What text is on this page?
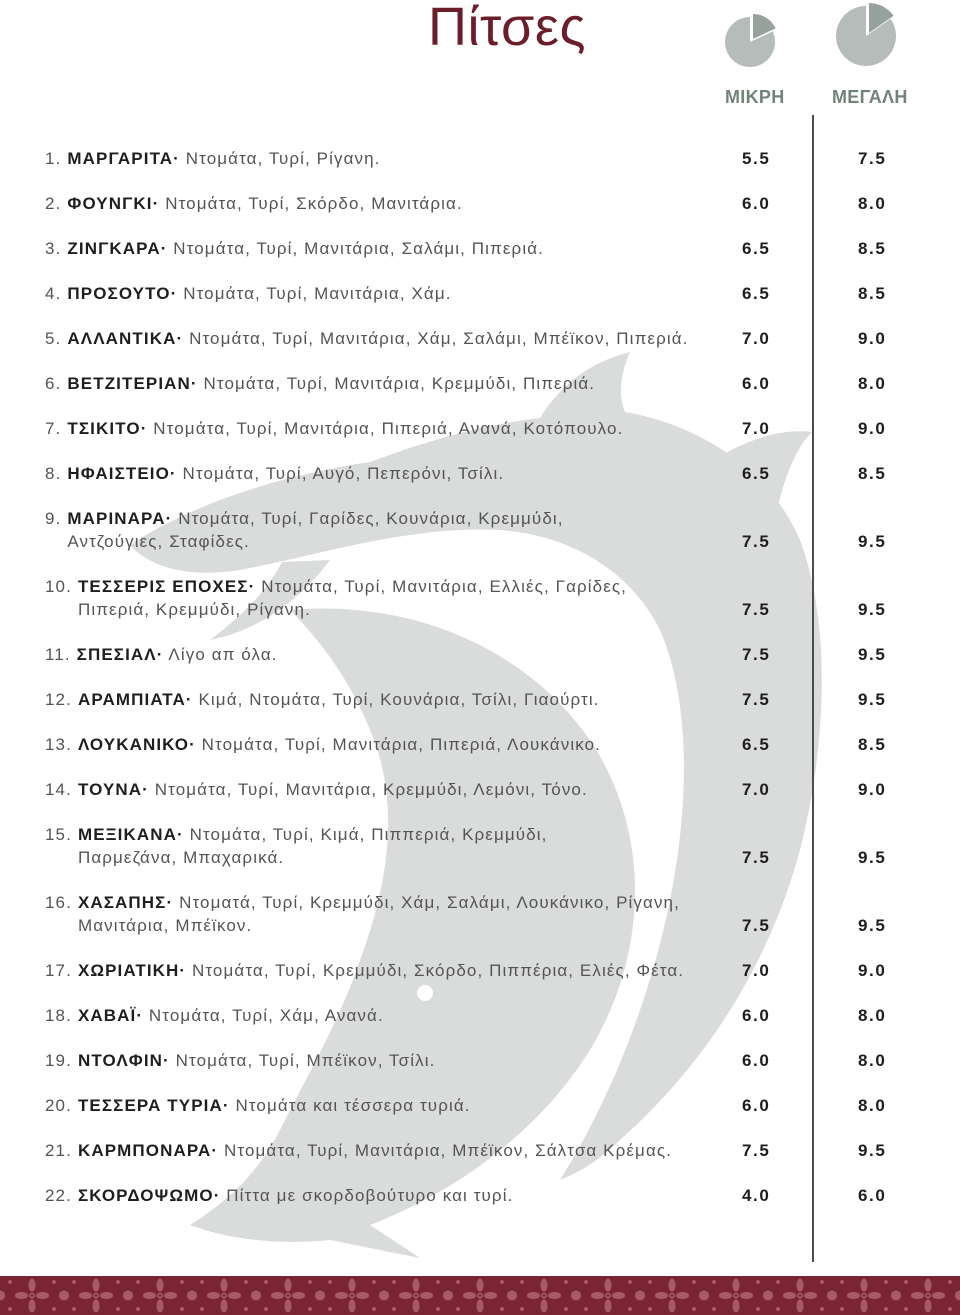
Πίτσες
ΜΙΚΡΗ	ΜΕΓΑΛΗ
1. ΜΑΡΓΑΡΙΤΑ· Ντομάτα, Τυρί, Ρίγανη.	5.5	7.5
2. ΦΟΥΝΓΚΙ· Ντομάτα, Τυρί, Σκόρδο, Μανιτάρια.	6.0	8.0
3. ΖΙΝΓΚΑΡΑ· Ντομάτα, Τυρί, Μανιτάρια, Σαλάμι, Πιπεριά.	6.5	8.5
4. ΠΡΟΣΟΥΤΟ· Ντομάτα, Τυρί, Μανιτάρια, Χάμ.	6.5	8.5
5. ΑΛΛΑΝΤΙΚΑ· Ντομάτα, Τυρί, Μανιτάρια, Χάμ, Σαλάμι, Μπέϊκον, Πιπεριά.	7.0	9.0
6. ΒΕΤΖΙΤΕΡΙΑΝ· Ντομάτα, Τυρί, Μανιτάρια, Κρεμμύδι, Πιπεριά.	6.0	8.0
7. ΤΣΙΚΙΤΟ· Ντομάτα, Τυρί, Μανιτάρια, Πιπεριά, Ανανά, Κοτόπουλο.	7.0	9.0
8. ΗΦΑΙΣΤΕΙΟ· Ντομάτα, Τυρί, Αυγό, Πεπερόνι, Τσίλι.	6.5	8.5
9. ΜΑΡΙΝΑΡΑ· Ντομάτα, Τυρί, Γαρίδες, Κουνάρια, Κρεμμύδι,
Αντζούγιες, Σταφίδες.	7.5	9.5
10. ΤΕΣΣΕΡΙΣ ΕΠΟΧΕΣ· Ντομάτα, Τυρί, Μανιτάρια, Ελλιές, Γαρίδες,
Πιπεριά, Κρεμμύδι, Ρίγανη.	7.5	9.5
11. ΣΠΕΣΙΑΛ· Λίγο απ όλα.	7.5	9.5
12. ΑΡΑΜΠΙΑΤΑ· Κιμά, Ντομάτα, Τυρί, Κουνάρια, Τσίλι, Γιαούρτι.	7.5	9.5
13. ΛΟΥΚΑΝΙΚΟ· Ντομάτα, Τυρί, Μανιτάρια, Πιπεριά, Λουκάνικο.	6.5	8.5
14. ΤΟΥΝΑ· Ντομάτα, Τυρί, Μανιτάρια, Κρεμμύδι, Λεμόνι, Τόνο.	7.0	9.0
15. ΜΕΞΙΚΑΝΑ· Ντομάτα, Τυρί, Κιμά, Πιππεριά, Κρεμμύδι,
Παρμεζάνα, Μπαχαρικά.	7.5	9.5
16. ΧΑΣΑΠΗΣ· Ντοματά, Τυρί, Κρεμμύδι, Χάμ, Σαλάμι, Λουκάνικο, Ρίγανη,
Μανιτάρια, Μπέϊκον.	7.5	9.5
17. ΧΩΡΙΑΤΙΚΗ· Ντομάτα, Τυρί, Κρεμμύδι, Σκόρδο, Πιππέρια, Ελιές, Φέτα.	7.0	9.0
18. ΧΑΒΑΪ· Ντομάτα, Τυρί, Χάμ, Ανανά.	6.0	8.0
19. ΝΤΟΛΦΙΝ· Ντομάτα, Τυρί, Μπέϊκον, Τσίλι.	6.0	8.0
20. ΤΕΣΣΕΡΑ ΤΥΡΙΑ· Ντομάτα και τέσσερα τυριά.	6.0	8.0
21. ΚΑΡΜΠΟΝΑΡΑ· Ντομάτα, Τυρί, Μανιτάρια, Μπέϊκον, Σάλτσα Κρέμας.	7.5	9.5
22. ΣΚΟΡΔΟΨΩΜΟ· Πίττα με σκορδοβούτυρο και τυρί.	4.0	6.0
